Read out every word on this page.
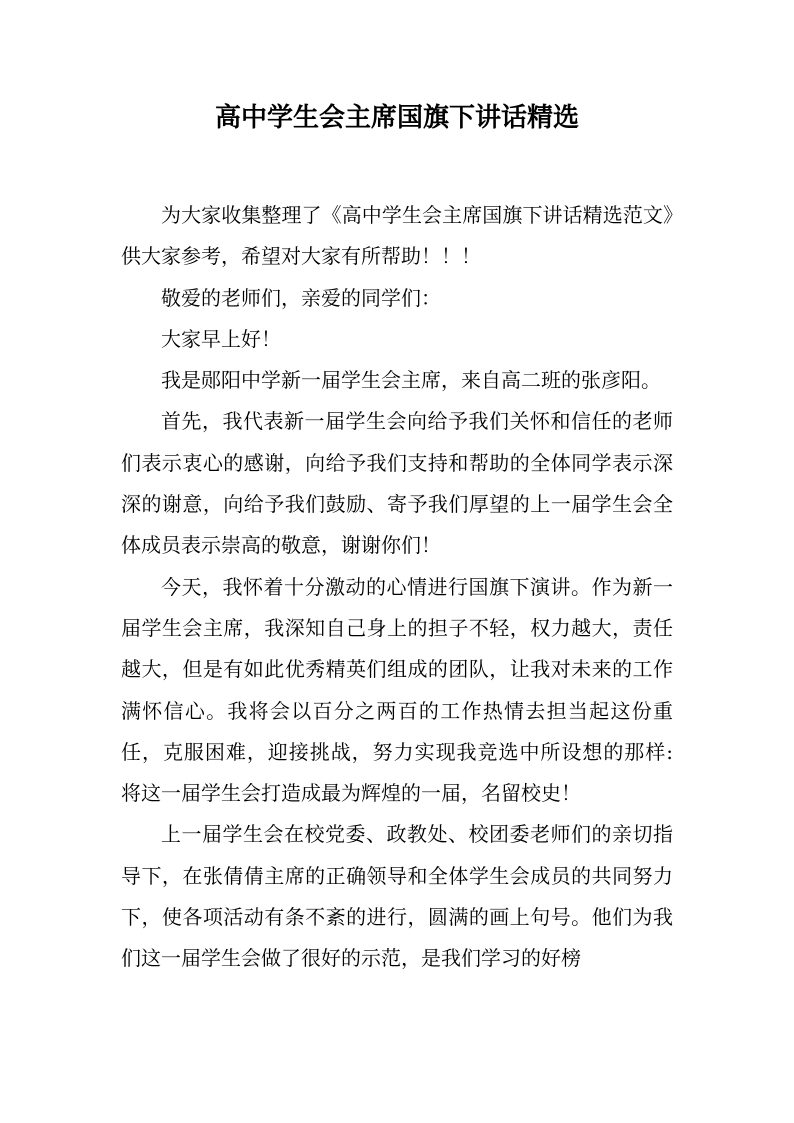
高中学生会主席国旗下讲话精选

为大家收集整理了《高中学生会主席国旗下讲话精选范文》供大家参考，希望对大家有所帮助！！！

敬爱的老师们，亲爱的同学们：

大家早上好！

我是郧阳中学新一届学生会主席，来自高二班的张彦阳。

首先，我代表新一届学生会向给予我们关怀和信任的老师们表示衷心的感谢，向给予我们支持和帮助的全体同学表示深深的谢意，向给予我们鼓励、寄予我们厚望的上一届学生会全体成员表示崇高的敬意，谢谢你们！

今天，我怀着十分激动的心情进行国旗下演讲。作为新一届学生会主席，我深知自己身上的担子不轻，权力越大，责任越大，但是有如此优秀精英们组成的团队，让我对未来的工作满怀信心。我将会以百分之两百的工作热情去担当起这份重任，克服困难，迎接挑战，努力实现我竞选中所设想的那样: 将这一届学生会打造成最为辉煌的一届，名留校史！

上一届学生会在校党委、政教处、校团委老师们的亲切指导下，在张倩倩主席的正确领导和全体学生会成员的共同努力下，使各项活动有条不紊的进行，圆满的画上句号。他们为我们这一届学生会做了很好的示范，是我们学习的好榜
